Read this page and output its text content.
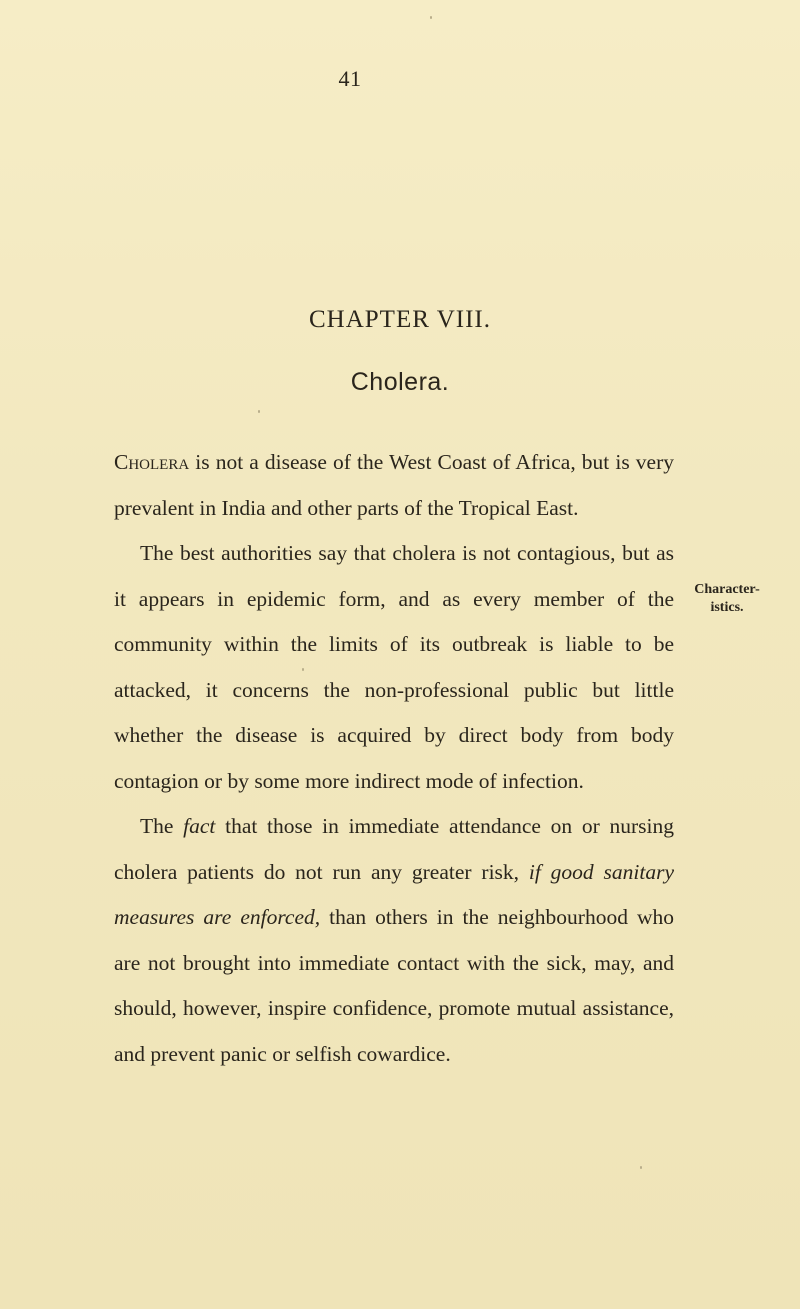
41
CHAPTER VIII.
Cholera.

Cholera is not a disease of the West Coast of Africa, but is very prevalent in India and other parts of the Tropical East.

The best authorities say that cholera is not contagious, but as it appears in epidemic form, and as every member of the community within the limits of its outbreak is liable to be attacked, it concerns the non-professional public but little whether the disease is acquired by direct body from body contagion or by some more indirect mode of infection.

The fact that those in immediate attendance on or nursing cholera patients do not run any greater risk, if good sanitary measures are enforced, than others in the neighbourhood who are not brought into immediate contact with the sick, may, and should, however, inspire confidence, promote mutual assistance, and prevent panic or selfish cowardice.

Character-istics.
